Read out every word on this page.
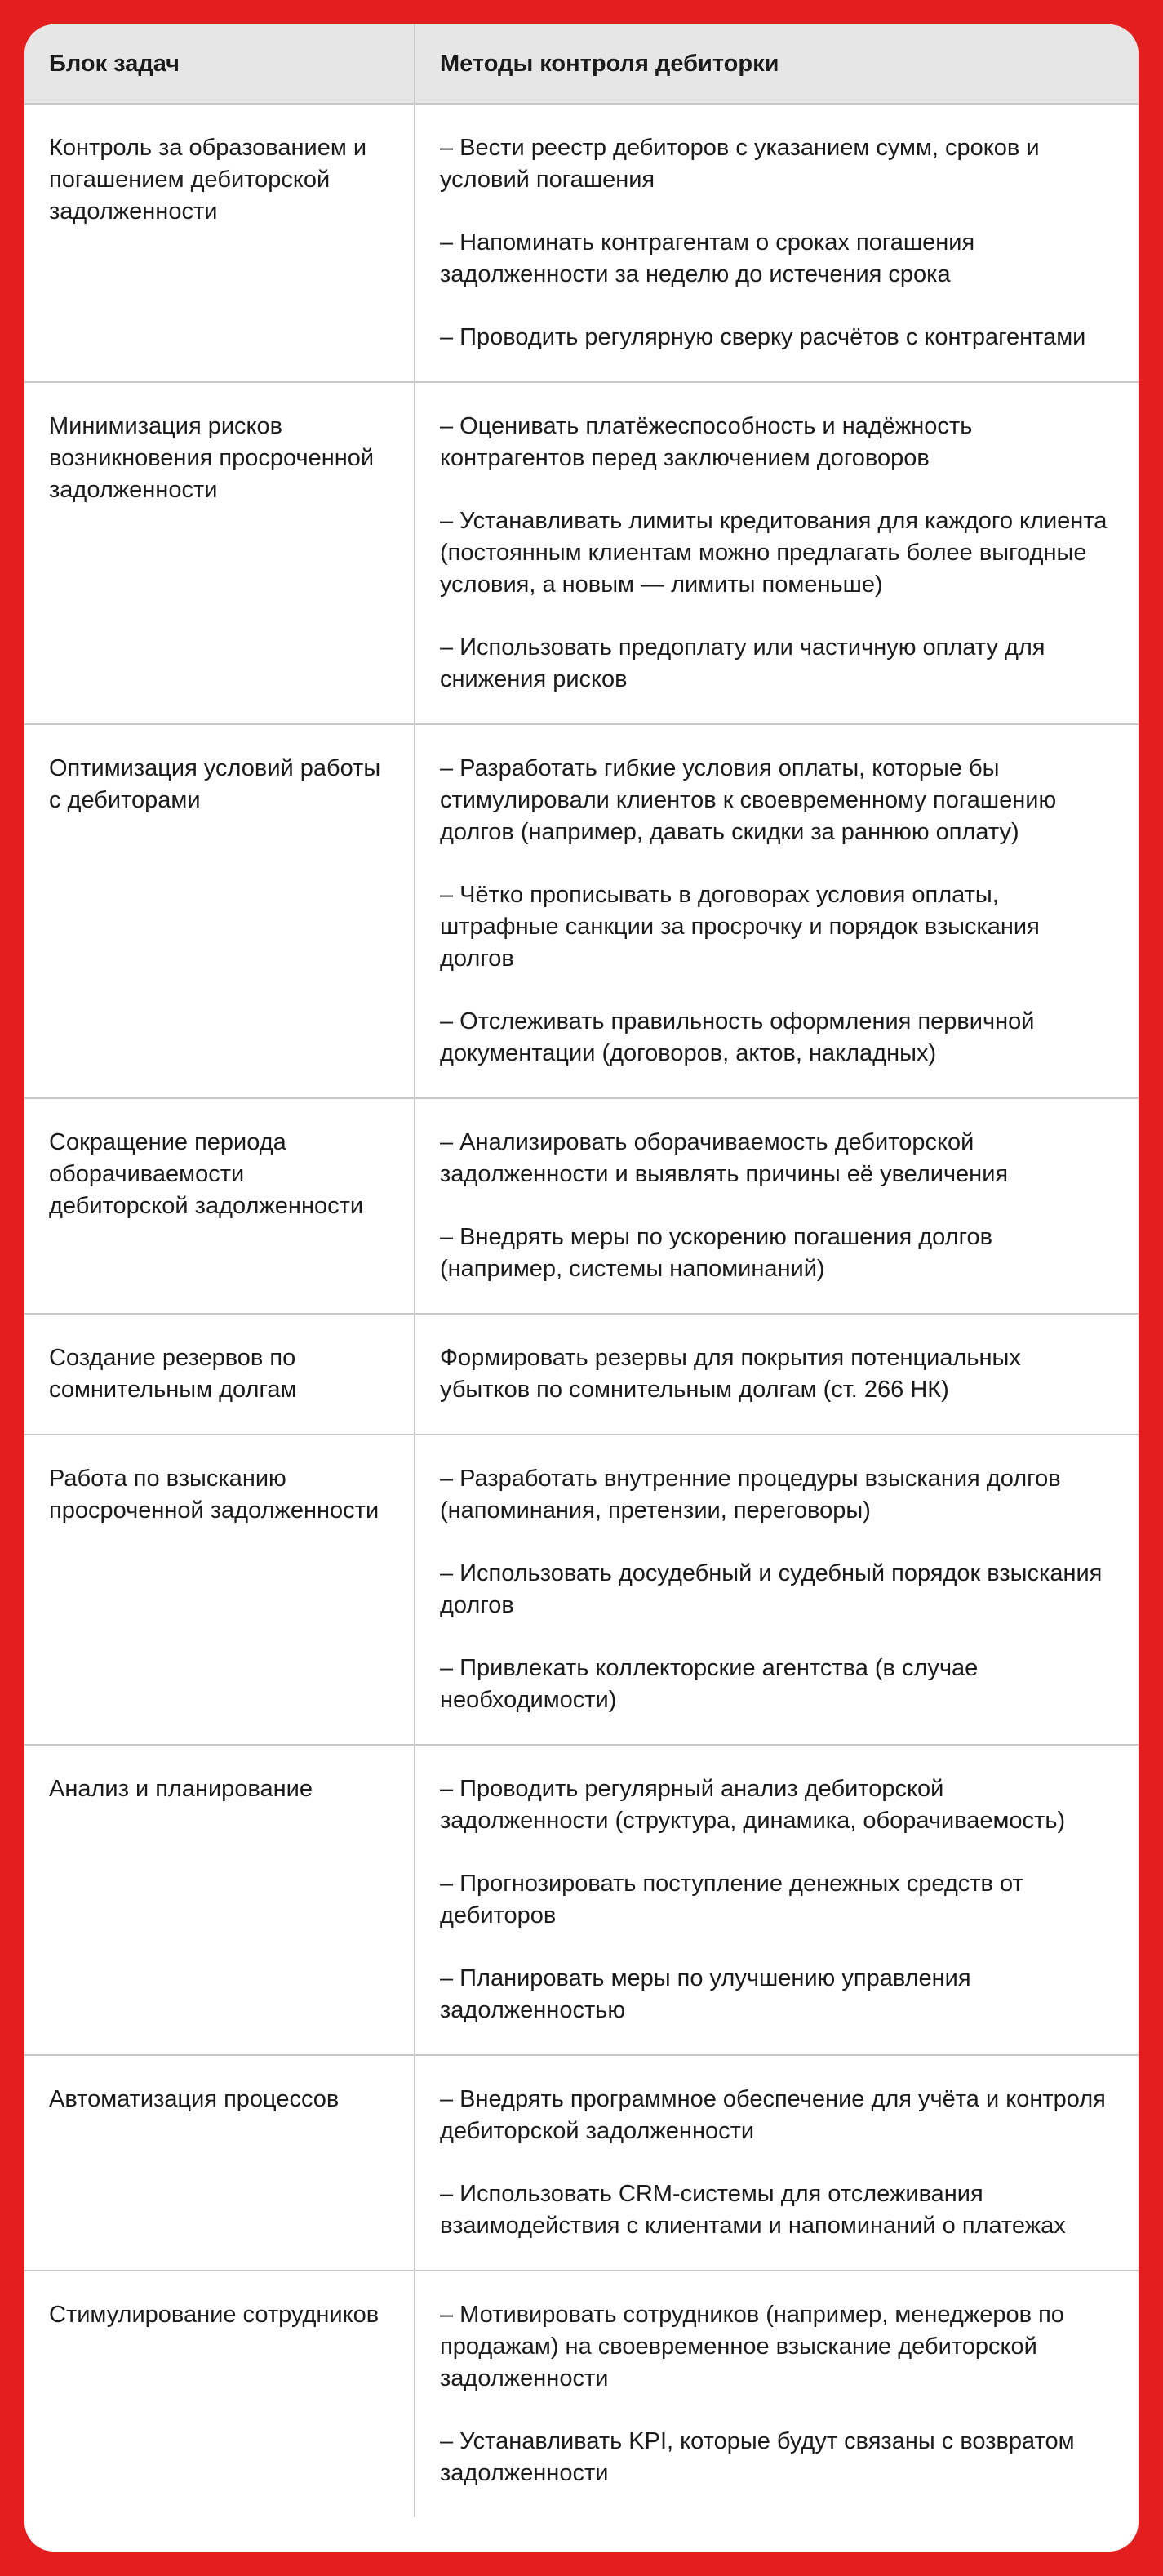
Блок задач	Методы контроля дебиторки
Контроль за образованием и погашением дебиторской задолженности	– Вести реестр дебиторов с указанием сумм, сроков и условий погашения

– Напоминать контрагентам о сроках погашения задолженности за неделю до истечения срока

– Проводить регулярную сверку расчётов с контрагентами

Минимизация рисков возникновения просроченной задолженности	– Оценивать платёжеспособность и надёжность контрагентов перед заключением договоров

– Устанавливать лимиты кредитования для каждого клиента (постоянным клиентам можно предлагать более выгодные условия, а новым — лимиты поменьше)

– Использовать предоплату или частичную оплату для снижения рисков

Оптимизация условий работы с дебиторами	– Разработать гибкие условия оплаты, которые бы стимулировали клиентов к своевременному погашению долгов (например, давать скидки за раннюю оплату)

– Чётко прописывать в договорах условия оплаты, штрафные санкции за просрочку и порядок взыскания долгов

– Отслеживать правильность оформления первичной документации (договоров, актов, накладных)

Сокращение периода оборачиваемости дебиторской задолженности	– Анализировать оборачиваемость дебиторской задолженности и выявлять причины её увеличения

– Внедрять меры по ускорению погашения долгов (например, системы напоминаний)

Создание резервов по сомнительным долгам	Формировать резервы для покрытия потенциальных убытков по сомнительным долгам (ст. 266 НК)

Работа по взысканию просроченной задолженности	– Разработать внутренние процедуры взыскания долгов (напоминания, претензии, переговоры)

– Использовать досудебный и судебный порядок взыскания долгов

– Привлекать коллекторские агентства (в случае необходимости)

Анализ и планирование	– Проводить регулярный анализ дебиторской задолженности (структура, динамика, оборачиваемость)

– Прогнозировать поступление денежных средств от дебиторов

– Планировать меры по улучшению управления задолженностью

Автоматизация процессов	– Внедрять программное обеспечение для учёта и контроля дебиторской задолженности

– Использовать CRM-системы для отслеживания взаимодействия с клиентами и напоминаний о платежах

Стимулирование сотрудников	– Мотивировать сотрудников (например, менеджеров по продажам) на своевременное взыскание дебиторской задолженности

– Устанавливать KPI, которые будут связаны с возвратом задолженности
